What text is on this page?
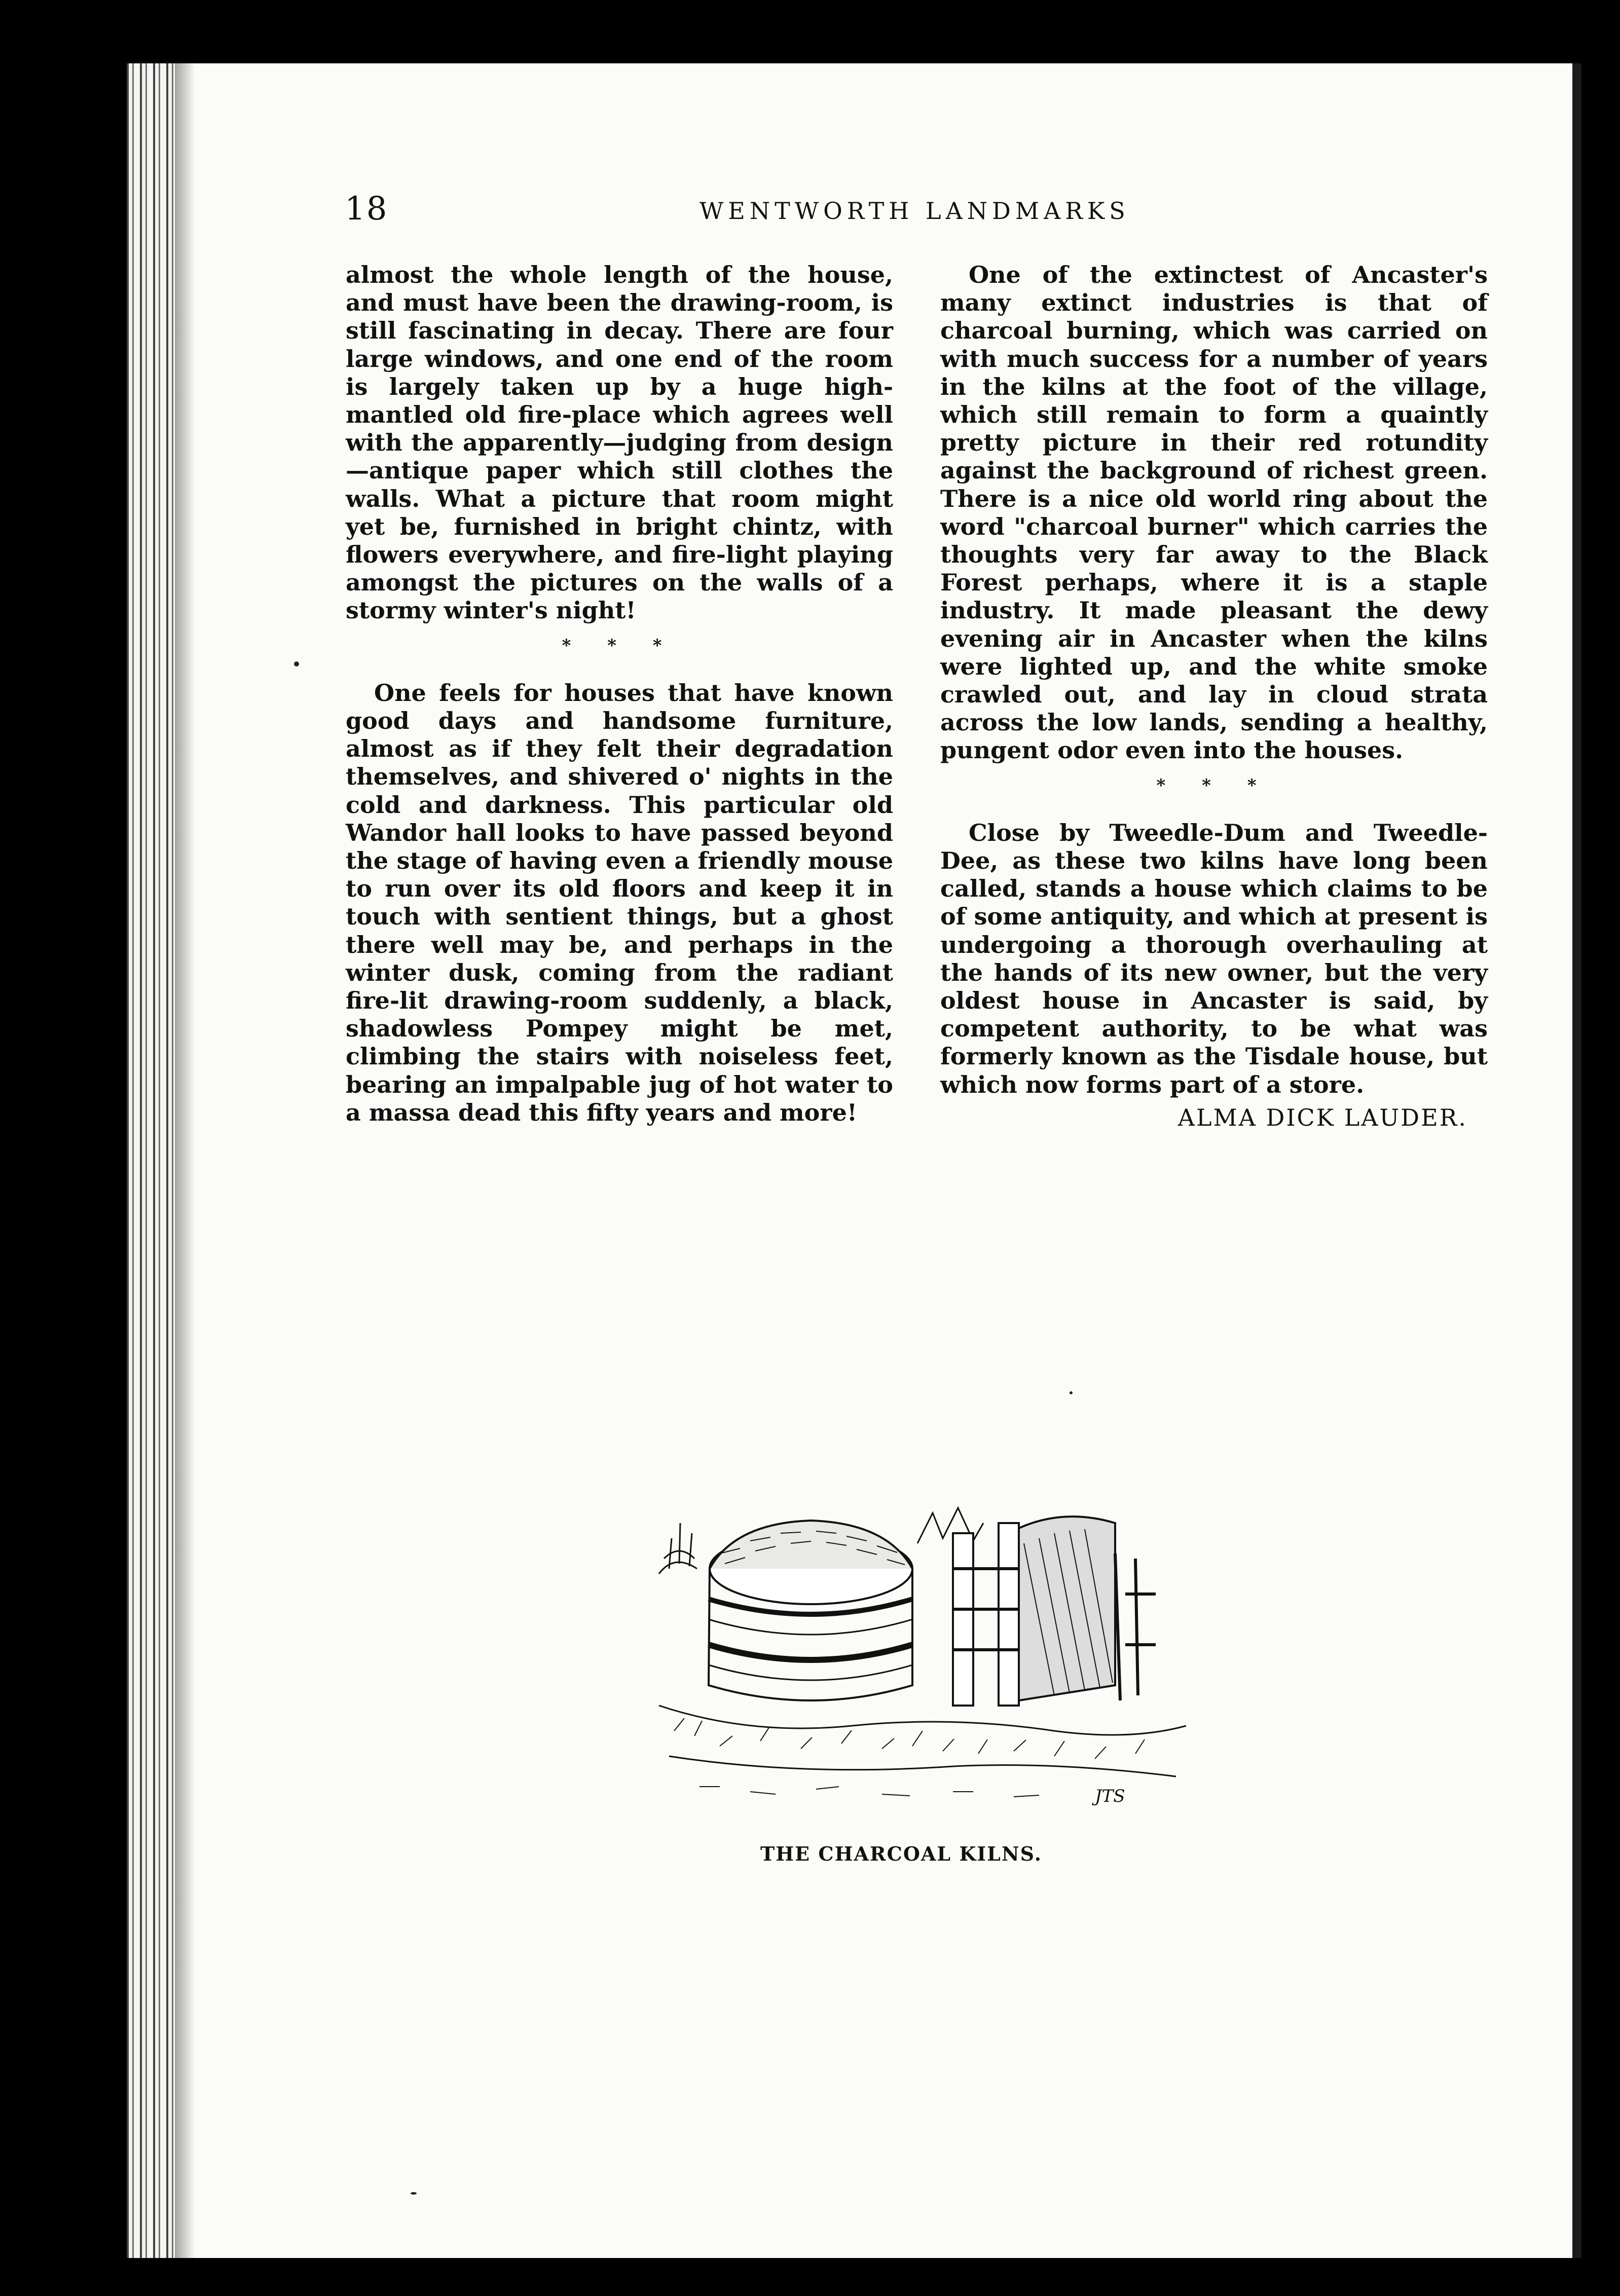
18	WENTWORTH LANDMARKS

almost the whole length of the house, and must have been the drawing-room, is still fascinating in decay. There are four large windows, and one end of the room is largely taken up by a huge high-mantled old fire-place which agrees well with the apparently—judging from design—antique paper which still clothes the walls. What a picture that room might yet be, furnished in bright chintz, with flowers everywhere, and fire-light playing amongst the pictures on the walls of a stormy winter's night!

* * *

One feels for houses that have known good days and handsome furniture, almost as if they felt their degradation themselves, and shivered o' nights in the cold and darkness. This particular old Wandor hall looks to have passed beyond the stage of having even a friendly mouse to run over its old floors and keep it in touch with sentient things, but a ghost there well may be, and perhaps in the winter dusk, coming from the radiant fire-lit drawing-room suddenly, a black, shadowless Pompey might be met, climbing the stairs with noiseless feet, bearing an impalpable jug of hot water to a massa dead this fifty years and more!

One of the extinctest of Ancaster's many extinct industries is that of charcoal burning, which was carried on with much success for a number of years in the kilns at the foot of the village, which still remain to form a quaintly pretty picture in their red rotundity against the background of richest green. There is a nice old world ring about the word "charcoal burner" which carries the thoughts very far away to the Black Forest perhaps, where it is a staple industry. It made pleasant the dewy evening air in Ancaster when the kilns were lighted up, and the white smoke crawled out, and lay in cloud strata across the low lands, sending a healthy, pungent odor even into the houses.

* * *

Close by Tweedle-Dum and Tweedle-Dee, as these two kilns have long been called, stands a house which claims to be of some antiquity, and which at present is undergoing a thorough overhauling at the hands of its new owner, but the very oldest house in Ancaster is said, by competent authority, to be what was formerly known as the Tisdale house, but which now forms part of a store.

ALMA DICK LAUDER.

JTS
THE CHARCOAL KILNS.
